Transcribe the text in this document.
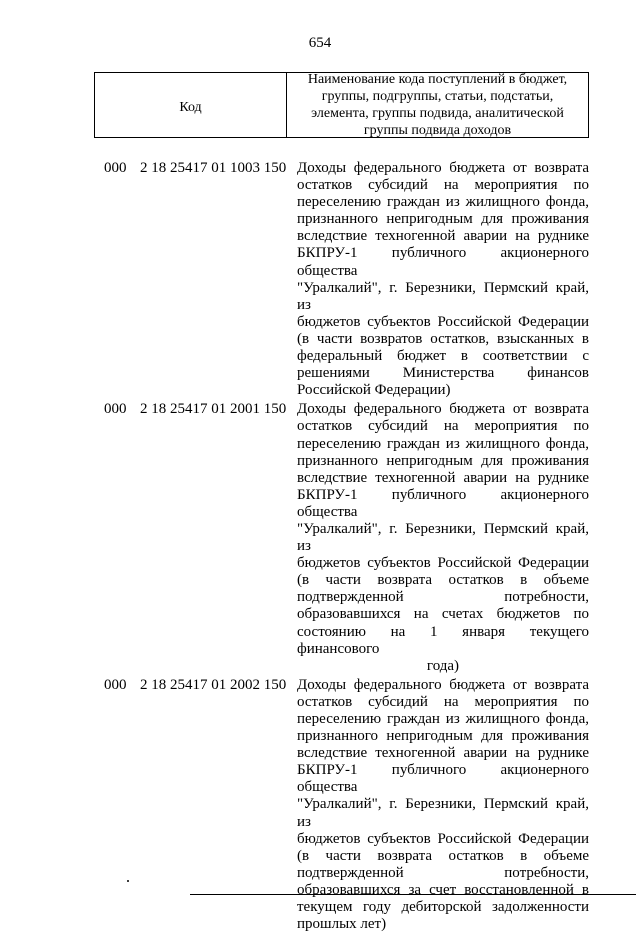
654
Код
Наименование кода поступлений в бюджет,
группы, подгруппы, статьи, подстатьи,
элемента, группы подвида, аналитической
группы подвида доходов
000 2 18 25417 01 1003 150 Доходы федерального бюджета от возврата
остатков субсидий на мероприятия по
переселению граждан из жилищного фонда,
признанного непригодным для проживания
вследствие техногенной аварии на руднике
БКПРУ-1 публичного акционерного общества
"Уралкалий", г. Березники, Пермский край, из
бюджетов субъектов Российской Федерации
(в части возвратов остатков, взысканных в
федеральный бюджет в соответствии с
решениями Министерства финансов
Российской Федерации)
000 2 18 25417 01 2001 150 Доходы федерального бюджета от возврата
остатков субсидий на мероприятия по
переселению граждан из жилищного фонда,
признанного непригодным для проживания
вследствие техногенной аварии на руднике
БКПРУ-1 публичного акционерного общества
"Уралкалий", г. Березники, Пермский край, из
бюджетов субъектов Российской Федерации
(в части возврата остатков в объеме
подтвержденной потребности,
образовавшихся на счетах бюджетов по
состоянию на 1 января текущего финансового
года)
000 2 18 25417 01 2002 150 Доходы федерального бюджета от возврата
остатков субсидий на мероприятия по
переселению граждан из жилищного фонда,
признанного непригодным для проживания
вследствие техногенной аварии на руднике
БКПРУ-1 публичного акционерного общества
"Уралкалий", г. Березники, Пермский край, из
бюджетов субъектов Российской Федерации
(в части возврата остатков в объеме
подтвержденной потребности,
образовавшихся за счет восстановленной в
текущем году дебиторской задолженности
прошлых лет)
